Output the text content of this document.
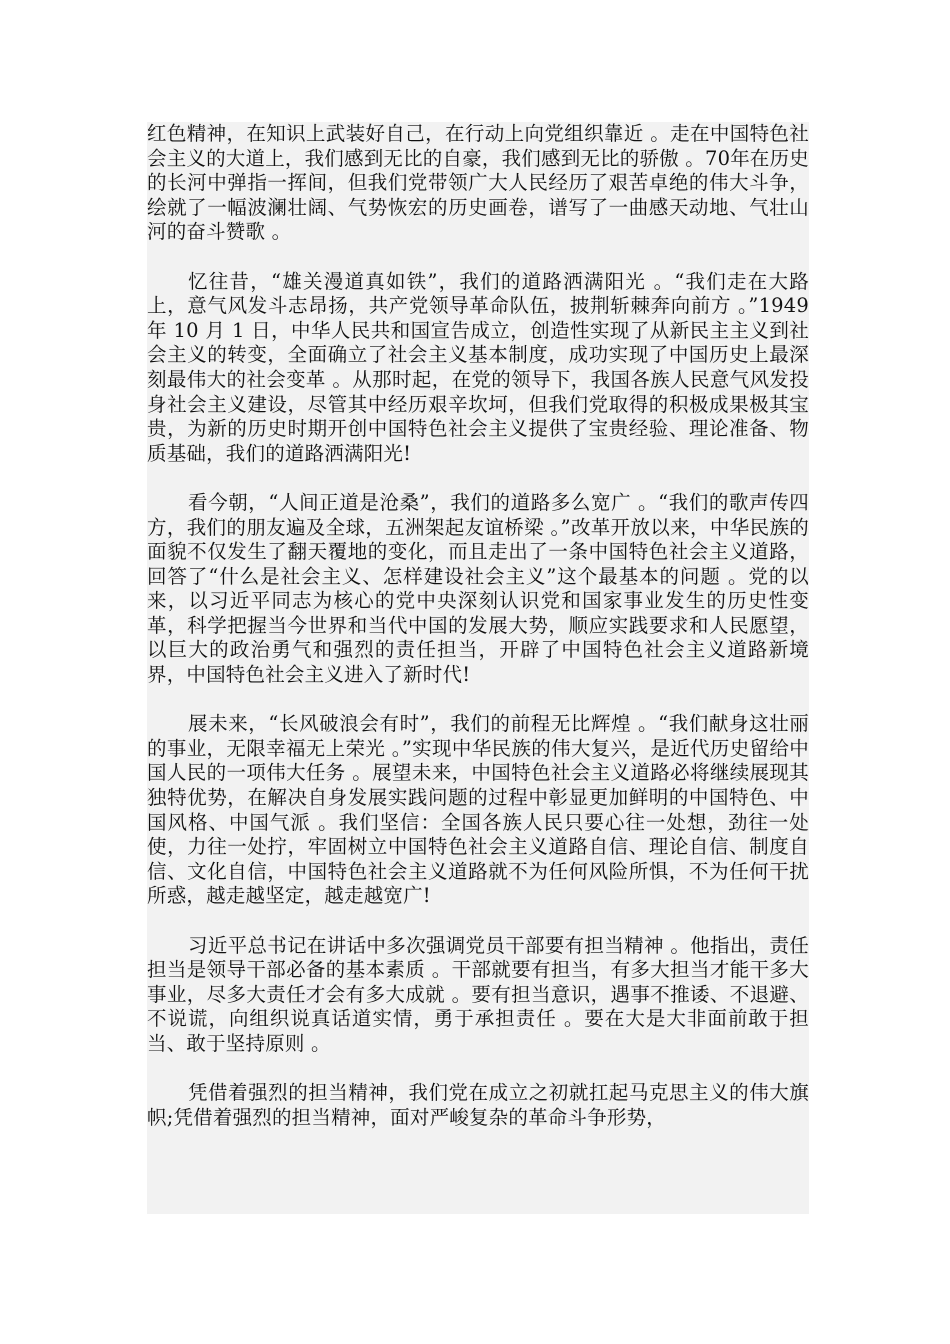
红色精神，在知识上武装好自己，在行动上向党组织靠近 。走在中国特色社会主义的大道上，我们感到无比的自豪，我们感到无比的骄傲 。70年在历史的长河中弹指一挥间，但我们党带领广大人民经历了艰苦卓绝的伟大斗争，绘就了一幅波澜壮阔、气势恢宏的历史画卷，谱写了一曲感天动地、气壮山河的奋斗赞歌 。

忆往昔，“雄关漫道真如铁”，我们的道路洒满阳光 。“我们走在大路上，意气风发斗志昂扬，共产党领导革命队伍，披荆斩棘奔向前方 。”1949 年 10 月 1 日，中华人民共和国宣告成立，创造性实现了从新民主主义到社会主义的转变，全面确立了社会主义基本制度，成功实现了中国历史上最深刻最伟大的社会变革 。从那时起，在党的领导下，我国各族人民意气风发投身社会主义建设，尽管其中经历艰辛坎坷，但我们党取得的积极成果极其宝贵，为新的历史时期开创中国特色社会主义提供了宝贵经验、理论准备、物质基础，我们的道路洒满阳光!

看今朝，“人间正道是沧桑”，我们的道路多么宽广 。“我们的歌声传四方，我们的朋友遍及全球，五洲架起友谊桥梁 。”改革开放以来，中华民族的面貌不仅发生了翻天覆地的变化，而且走出了一条中国特色社会主义道路，回答了“什么是社会主义、怎样建设社会主义”这个最基本的问题 。党的以来，以习近平同志为核心的党中央深刻认识党和国家事业发生的历史性变革，科学把握当今世界和当代中国的发展大势，顺应实践要求和人民愿望，以巨大的政治勇气和强烈的责任担当，开辟了中国特色社会主义道路新境界，中国特色社会主义进入了新时代!

展未来，“长风破浪会有时”，我们的前程无比辉煌 。“我们献身这壮丽的事业，无限幸福无上荣光 。”实现中华民族的伟大复兴，是近代历史留给中国人民的一项伟大任务 。展望未来，中国特色社会主义道路必将继续展现其独特优势，在解决自身发展实践问题的过程中彰显更加鲜明的中国特色、中国风格、中国气派 。我们坚信：全国各族人民只要心往一处想，劲往一处使，力往一处拧，牢固树立中国特色社会主义道路自信、理论自信、制度自信、文化自信，中国特色社会主义道路就不为任何风险所惧，不为任何干扰所惑，越走越坚定，越走越宽广!

习近平总书记在讲话中多次强调党员干部要有担当精神 。他指出，责任担当是领导干部必备的基本素质 。干部就要有担当，有多大担当才能干多大事业，尽多大责任才会有多大成就 。要有担当意识，遇事不推诿、不退避、不说谎，向组织说真话道实情，勇于承担责任 。要在大是大非面前敢于担当、敢于坚持原则 。

凭借着强烈的担当精神，我们党在成立之初就扛起马克思主义的伟大旗帜;凭借着强烈的担当精神，面对严峻复杂的革命斗争形势，
